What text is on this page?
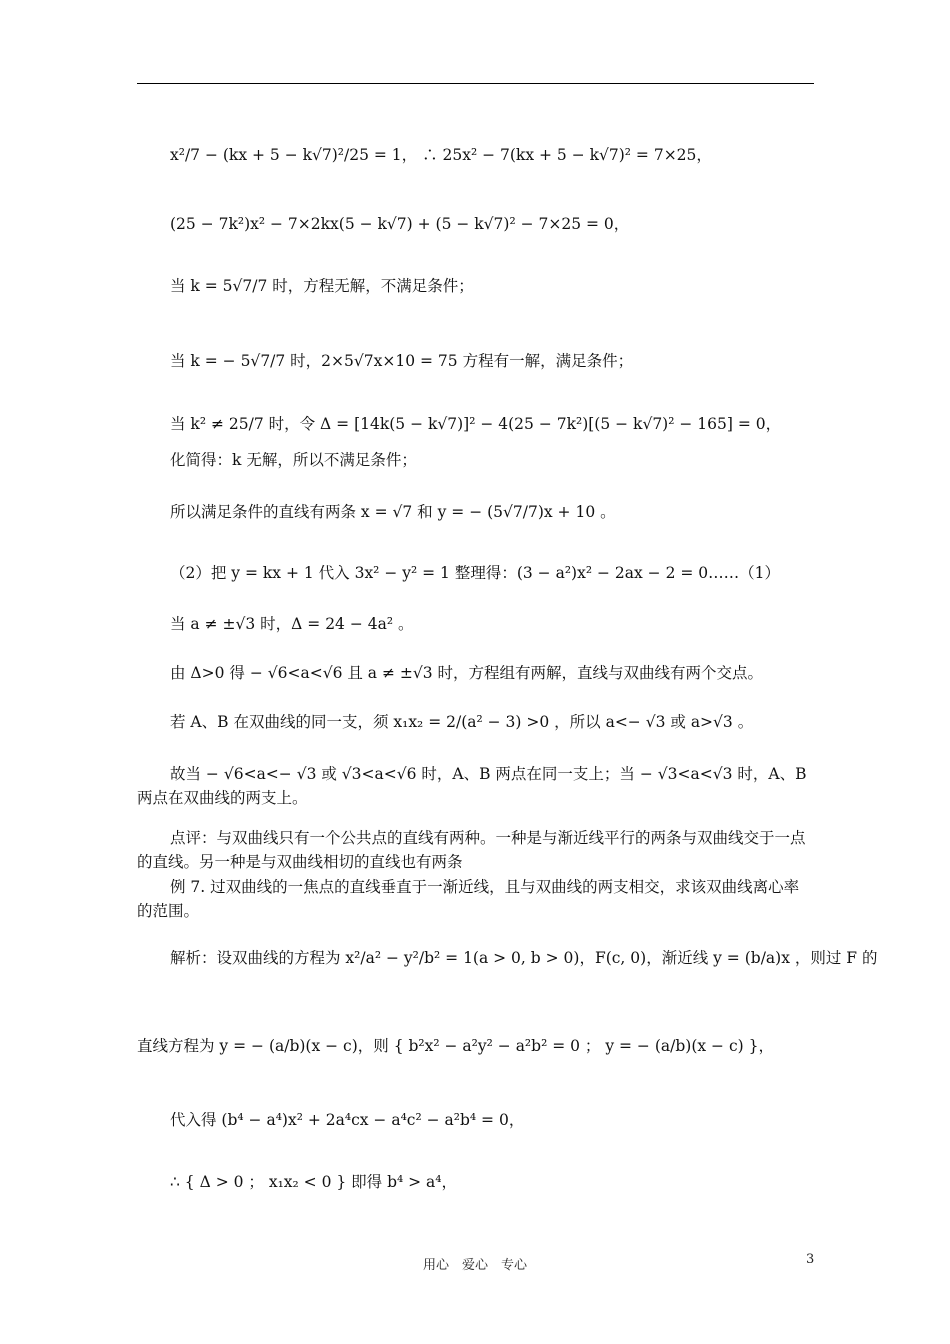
x²/7 − (kx + 5 − k√7)²/25 = 1， ∴ 25x² − 7(kx + 5 − k√7)² = 7×25，
(25 − 7k²)x² − 7×2kx(5 − k√7) + (5 − k√7)² − 7×25 = 0，
当 k = 5√7/7 时，方程无解，不满足条件；
当 k = − 5√7/7 时，2×5√7x×10 = 75 方程有一解，满足条件；
当 k² ≠ 25/7 时，令 Δ = [14k(5 − k√7)]² − 4(25 − 7k²)[(5 − k√7)² − 165] = 0，
化简得：k 无解，所以不满足条件；
所以满足条件的直线有两条 x = √7 和 y = − (5√7/7)x + 10 。
（2）把 y = kx + 1 代入 3x² − y² = 1 整理得：(3 − a²)x² − 2ax − 2 = 0……（1）
当 a ≠ ±√3 时，Δ = 24 − 4a² 。
由 Δ>0 得 − √6<a<√6 且 a ≠ ±√3 时，方程组有两解，直线与双曲线有两个交点。
若 A、B 在双曲线的同一支，须 x₁x₂ = 2/(a² − 3) >0 ，所以 a<− √3 或 a>√3 。
故当 − √6<a<− √3 或 √3<a<√6 时，A、B 两点在同一支上；当 − √3<a<√3 时，A、B 两点在双曲线的两支上。
点评：与双曲线只有一个公共点的直线有两种。一种是与渐近线平行的两条与双曲线交于一点的直线。另一种是与双曲线相切的直线也有两条
例 7. 过双曲线的一焦点的直线垂直于一渐近线，且与双曲线的两支相交，求该双曲线离心率的范围。
解析：设双曲线的方程为 x²/a² − y²/b² = 1(a > 0, b > 0)，F(c, 0)，渐近线 y = (b/a)x ，则过 F 的
直线方程为 y = − (a/b)(x − c)，则 { b²x² − a²y² − a²b² = 0 ； y = − (a/b)(x − c) }，
代入得 (b⁴ − a⁴)x² + 2a⁴cx − a⁴c² − a²b⁴ = 0，
∴ { Δ > 0 ； x₁x₂ < 0 } 即得 b⁴ > a⁴，
用心　爱心　专心	3
